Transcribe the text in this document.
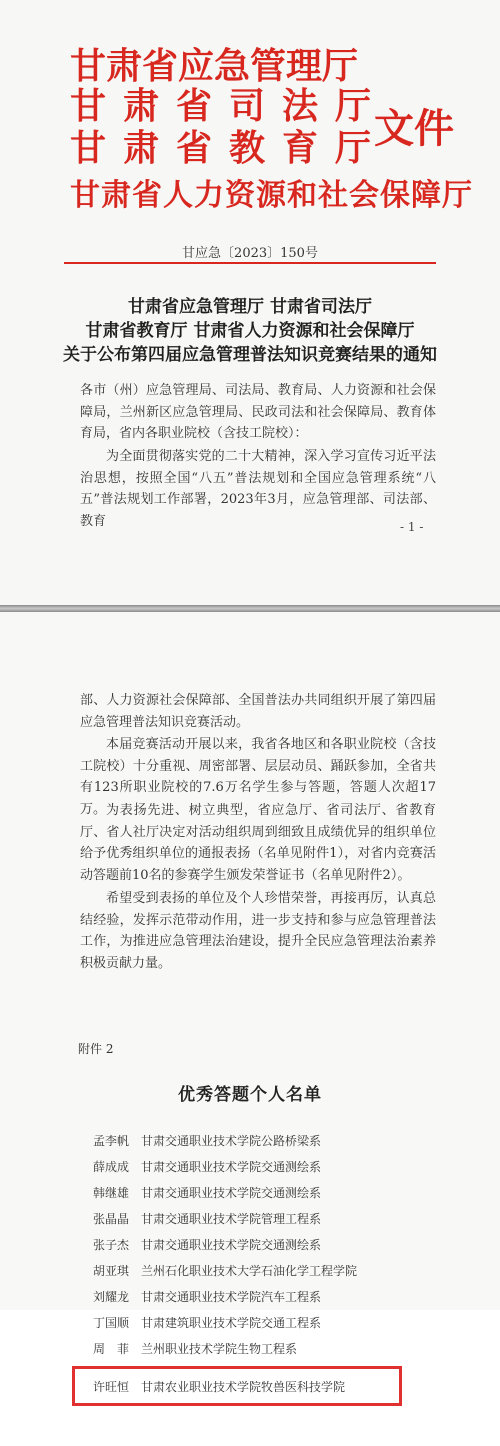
甘肃省应急管理厅
甘肃省司法厅
甘肃省教育厅
甘肃省人力资源和社会保障厅
文件
甘应急〔2023〕150号
甘肃省应急管理厅 甘肃省司法厅
甘肃省教育厅 甘肃省人力资源和社会保障厅
关于公布第四届应急管理普法知识竞赛结果的通知

各市（州）应急管理局、司法局、教育局、人力资源和社会保障局，兰州新区应急管理局、民政司法和社会保障局、教育体育局，省内各职业院校（含技工院校）：

为全面贯彻落实党的二十大精神，深入学习宣传习近平法治思想，按照全国“八五”普法规划和全国应急管理系统“八五”普法规划工作部署，2023年3月，应急管理部、司法部、教育	- 1 -

部、人力资源社会保障部、全国普法办共同组织开展了第四届应急管理普法知识竞赛活动。

本届竞赛活动开展以来，我省各地区和各职业院校（含技工院校）十分重视、周密部署、层层动员、踊跃参加，全省共有123所职业院校的7.6万名学生参与答题，答题人次超17万。 为表扬先进、树立典型，省应急厅、省司法厅、省教育厅、省人社厅决定对活动组织周到细致且成绩优异的组织单位给予优秀组织单位的通报表扬（名单见附件1），对省内竞赛活动答题前10名的参赛学生颁发荣誉证书（名单见附件2）。

希望受到表扬的单位及个人珍惜荣誉，再接再厉，认真总结经验，发挥示范带动作用，进一步支持和参与应急管理普法工作，为推进应急管理法治建设，提升全民应急管理法治素养积极贡献力量。

附件 2
优秀答题个人名单
孟李帆 甘肃交通职业技术学院公路桥梁系
薛成成 甘肃交通职业技术学院交通测绘系
韩继雄 甘肃交通职业技术学院交通测绘系
张晶晶 甘肃交通职业技术学院管理工程系
张子杰 甘肃交通职业技术学院交通测绘系
胡亚琪 兰州石化职业技术大学石油化学工程学院
刘耀龙 甘肃交通职业技术学院汽车工程系
丁国顺 甘肃建筑职业技术学院交通工程系
周　菲 兰州职业技术学院生物工程系
许旺恒 甘肃农业职业技术学院牧兽医科技学院
